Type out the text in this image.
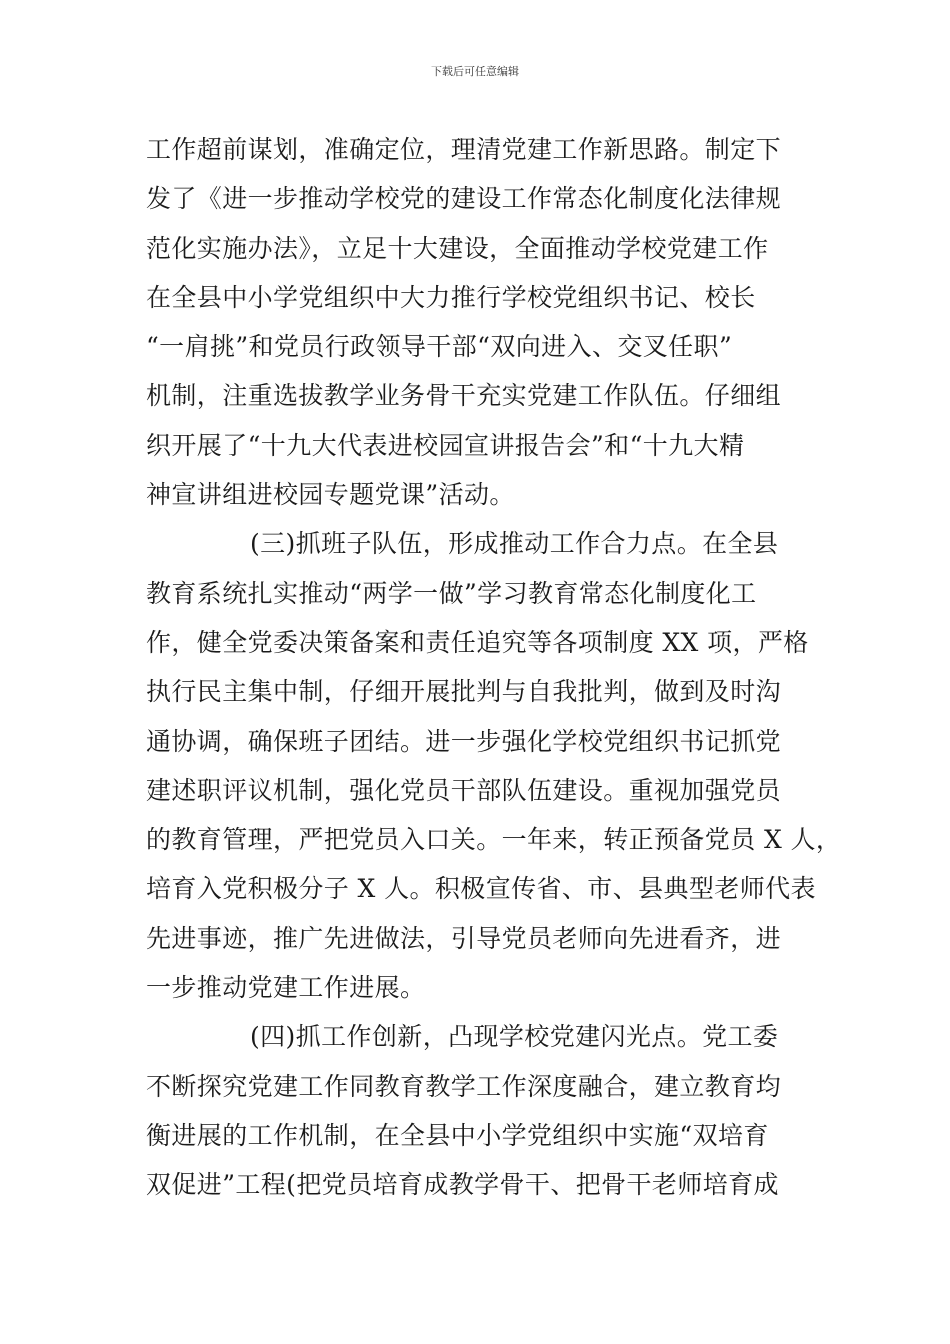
下载后可任意编辑
工作超前谋划，准确定位，理清党建工作新思路。制定下
发了《进一步推动学校党的建设工作常态化制度化法律规
范化实施办法》，立足十大建设，全面推动学校党建工作
在全县中小学党组织中大力推行学校党组织书记、校长
“一肩挑”和党员行政领导干部“双向进入、交叉任职”
机制，注重选拔教学业务骨干充实党建工作队伍。仔细组
织开展了“十九大代表进校园宣讲报告会”和“十九大精
神宣讲组进校园专题党课”活动。
(三)抓班子队伍，形成推动工作合力点。在全县
教育系统扎实推动“两学一做”学习教育常态化制度化工
作，健全党委决策备案和责任追究等各项制度 XX 项，严格
执行民主集中制，仔细开展批判与自我批判，做到及时沟
通协调，确保班子团结。进一步强化学校党组织书记抓党
建述职评议机制，强化党员干部队伍建设。重视加强党员
的教育管理，严把党员入口关。一年来，转正预备党员 X 人，
培育入党积极分子 X 人。积极宣传省、市、县典型老师代表
先进事迹，推广先进做法，引导党员老师向先进看齐，进
一步推动党建工作进展。
(四)抓工作创新，凸现学校党建闪光点。党工委
不断探究党建工作同教育教学工作深度融合，建立教育均
衡进展的工作机制，在全县中小学党组织中实施“双培育
双促进”工程(把党员培育成教学骨干、把骨干老师培育成
